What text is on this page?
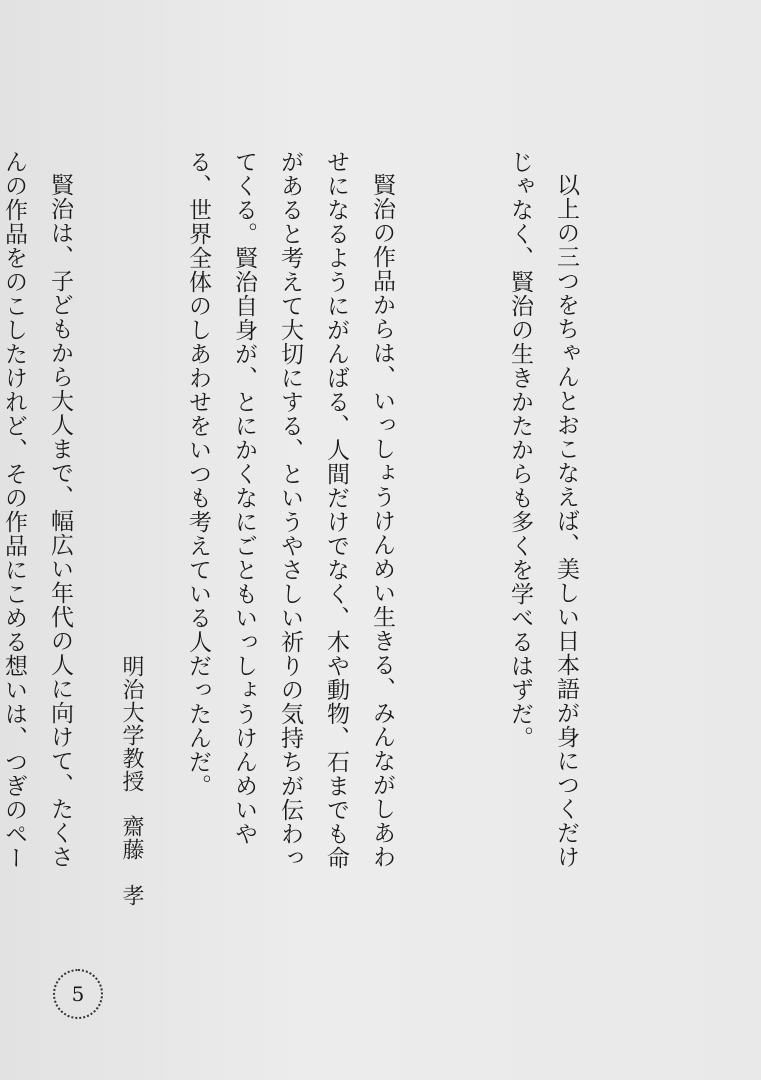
以上の三つをちゃんとおこなえば、美しい日本語が身につくだけじゃなく、賢治の生きかたからも多くを学べるはずだ。

賢治の作品からは、いっしょうけんめい生きる、みんながしあわせになるようにがんばる、人間だけでなく、木や動物、石までも命があると考えて大切にする、というやさしい祈りの気持ちが伝わってくる。賢治自身が、とにかくなにごともいっしょうけんめいやる、世界全体のしあわせをいつも考えている人だったんだ。

賢治は、子どもから大人まで、幅広い年代の人に向けて、たくさんの作品をのこしたけれど、その作品にこめる想いは、つぎのペー　

明治大学教授齋藤　孝
5
